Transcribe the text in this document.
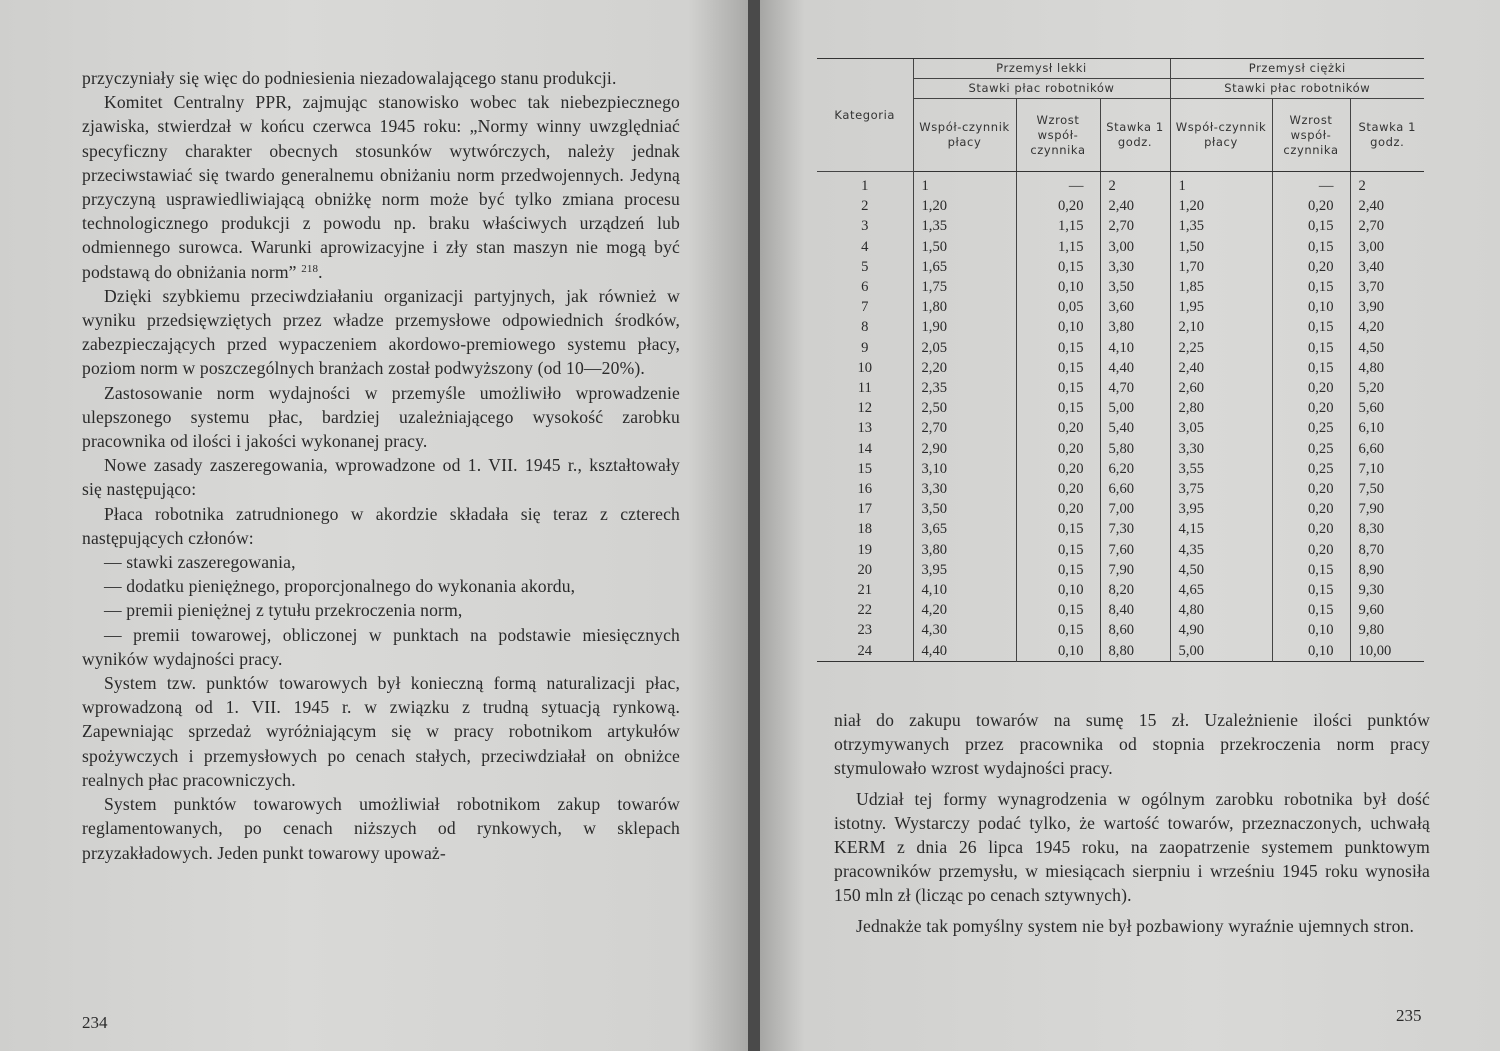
przyczyniały się więc do podniesienia niezadowalającego stanu produkcji.

Komitet Centralny PPR, zajmując stanowisko wobec tak niebezpiecznego zjawiska, stwierdzał w końcu czerwca 1945 roku: „Normy winny uwzględniać specyficzny charakter obecnych stosunków wytwórczych, należy jednak przeciwstawiać się twardo generalnemu obniżaniu norm przedwojennych. Jedyną przyczyną usprawiedliwiającą obniżkę norm może być tylko zmiana procesu technologicznego produkcji z powodu np. braku właściwych urządzeń lub odmiennego surowca. Warunki aprowizacyjne i zły stan maszyn nie mogą być podstawą do obniżania norm” $^{218}$.

Dzięki szybkiemu przeciwdziałaniu organizacji partyjnych, jak również w wyniku przedsięwziętych przez władze przemysłowe odpowiednich środków, zabezpieczających przed wypaczeniem akordowo-premiowego systemu płacy, poziom norm w poszczególnych branżach został podwyższony (od 10—20%).

Zastosowanie norm wydajności w przemyśle umożliwiło wprowadzenie ulepszonego systemu płac, bardziej uzależniającego wysokość zarobku pracownika od ilości i jakości wykonanej pracy.

Nowe zasady zaszeregowania, wprowadzone od 1. VII. 1945 r., kształtowały się następująco:

Płaca robotnika zatrudnionego w akordzie składała się teraz z czterech następujących członów:

— stawki zaszeregowania,

— dodatku pieniężnego, proporcjonalnego do wykonania akordu,

— premii pieniężnej z tytułu przekroczenia norm,

— premii towarowej, obliczonej w punktach na podstawie miesięcznych wyników wydajności pracy.

System tzw. punktów towarowych był konieczną formą naturalizacji płac, wprowadzoną od 1. VII. 1945 r. w związku z trudną sytuacją rynkową. Zapewniając sprzedaż wyróżniającym się w pracy robotnikom artykułów spożywczych i przemysłowych po cenach stałych, przeciwdziałał on obniżce realnych płac pracowniczych.

System punktów towarowych umożliwiał robotnikom zakup towarów reglamentowanych, po cenach niższych od rynkowych, w sklepach przyzakładowych. Jeden punkt towarowy upoważ-

234
Kategoria	Przemysł lekki			Przemysł ciężki		
	Stawki płac robotników			Stawki płac robotników		
	Współ-czynnik płacy	Wzrost współ-czynnika	Stawka 1 godz.	Współ-czynnik płacy	Wzrost współ-czynnika	Stawka 1 godz.
1	1	—	2	1	—	2
2	1,20	0,20	2,40	1,20	0,20	2,40
3	1,35	1,15	2,70	1,35	0,15	2,70
4	1,50	1,15	3,00	1,50	0,15	3,00
5	1,65	0,15	3,30	1,70	0,20	3,40
6	1,75	0,10	3,50	1,85	0,15	3,70
7	1,80	0,05	3,60	1,95	0,10	3,90
8	1,90	0,10	3,80	2,10	0,15	4,20
9	2,05	0,15	4,10	2,25	0,15	4,50
10	2,20	0,15	4,40	2,40	0,15	4,80
11	2,35	0,15	4,70	2,60	0,20	5,20
12	2,50	0,15	5,00	2,80	0,20	5,60
13	2,70	0,20	5,40	3,05	0,25	6,10
14	2,90	0,20	5,80	3,30	0,25	6,60
15	3,10	0,20	6,20	3,55	0,25	7,10
16	3,30	0,20	6,60	3,75	0,20	7,50
17	3,50	0,20	7,00	3,95	0,20	7,90
18	3,65	0,15	7,30	4,15	0,20	8,30
19	3,80	0,15	7,60	4,35	0,20	8,70
20	3,95	0,15	7,90	4,50	0,15	8,90
21	4,10	0,10	8,20	4,65	0,15	9,30
22	4,20	0,15	8,40	4,80	0,15	9,60
23	4,30	0,15	8,60	4,90	0,10	9,80
24	4,40	0,10	8,80	5,00	0,10	10,00

niał do zakupu towarów na sumę 15 zł. Uzależnienie ilości punktów otrzymywanych przez pracownika od stopnia przekroczenia norm pracy stymulowało wzrost wydajności pracy.

Udział tej formy wynagrodzenia w ogólnym zarobku robotnika był dość istotny. Wystarczy podać tylko, że wartość towarów, przeznaczonych, uchwałą KERM z dnia 26 lipca 1945 roku, na zaopatrzenie systemem punktowym pracowników przemysłu, w miesiącach sierpniu i wrześniu 1945 roku wynosiła 150 mln zł (licząc po cenach sztywnych).

Jednakże tak pomyślny system nie był pozbawiony wyraźnie ujemnych stron.

235
